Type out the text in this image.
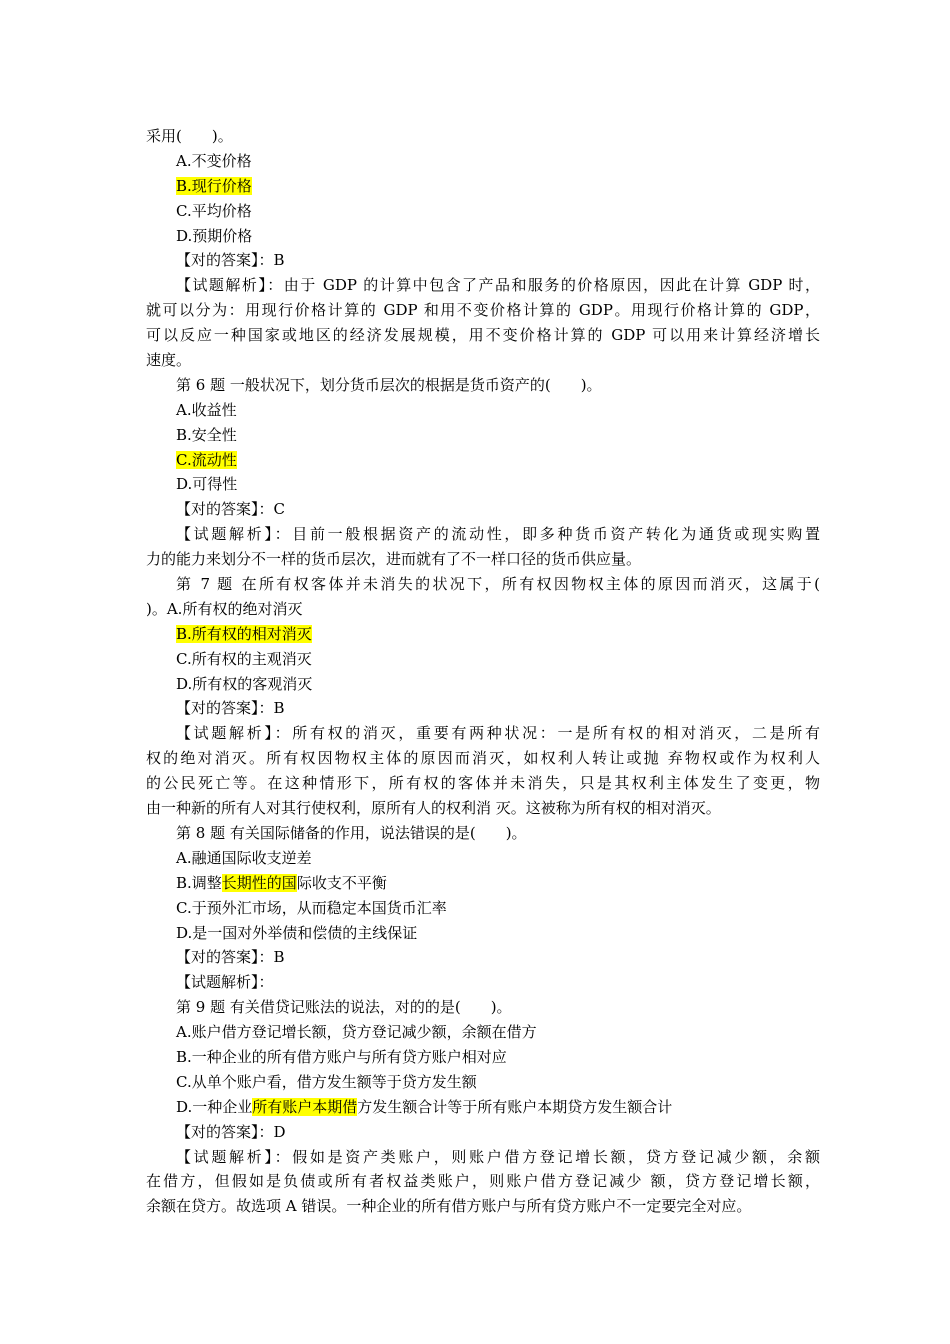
采用(　　)。
A.不变价格
B.现行价格
C.平均价格
D.预期价格
【对的答案】：B
【试题解析】：由于 GDP 的计算中包含了产品和服务的价格原因，因此在计算 GDP 时，
就可以分为：用现行价格计算的 GDP 和用不变价格计算的 GDP。用现行价格计算的 GDP，
可以反应一种国家或地区的经济发展规模，用不变价格计算的 GDP 可以用来计算经济增长
速度。
第 6 题 一般状况下，划分货币层次的根据是货币资产的(　　)。
A.收益性
B.安全性
C.流动性
D.可得性
【对的答案】：C
【试题解析】：目前一般根据资产的流动性，即多种货币资产转化为通货或现实购置
力的能力来划分不一样的货币层次，进而就有了不一样口径的货币供应量。
第 7 题 在所有权客体并未消失的状况下，所有权因物权主体的原因而消灭，这属于(
)。A.所有权的绝对消灭
B.所有权的相对消灭
C.所有权的主观消灭
D.所有权的客观消灭
【对的答案】：B
【试题解析】：所有权的消灭，重要有两种状况：一是所有权的相对消灭，二是所有
权的绝对消灭。所有权因物权主体的原因而消灭，如权利人转让或抛 弃物权或作为权利人
的公民死亡等。在这种情形下，所有权的客体并未消失，只是其权利主体发生了变更，物
由一种新的所有人对其行使权利，原所有人的权利消 灭。这被称为所有权的相对消灭。
第 8 题 有关国际储备的作用，说法错误的是(　　)。
A.融通国际收支逆差
B.调整长期性的国际收支不平衡
C.于预外汇市场，从而稳定本国货币汇率
D.是一国对外举债和偿债的主线保证
【对的答案】：B
【试题解析】：
第 9 题 有关借贷记账法的说法，对的的是(　　)。
A.账户借方登记增长额，贷方登记减少额，余额在借方
B.一种企业的所有借方账户与所有贷方账户相对应
C.从单个账户看，借方发生额等于贷方发生额
D.一种企业所有账户本期借方发生额合计等于所有账户本期贷方发生额合计
【对的答案】：D
【试题解析】：假如是资产类账户，则账户借方登记增长额，贷方登记减少额，余额
在借方，但假如是负债或所有者权益类账户，则账户借方登记减少 额，贷方登记增长额，
余额在贷方。故选项 A 错误。一种企业的所有借方账户与所有贷方账户不一定要完全对应。
